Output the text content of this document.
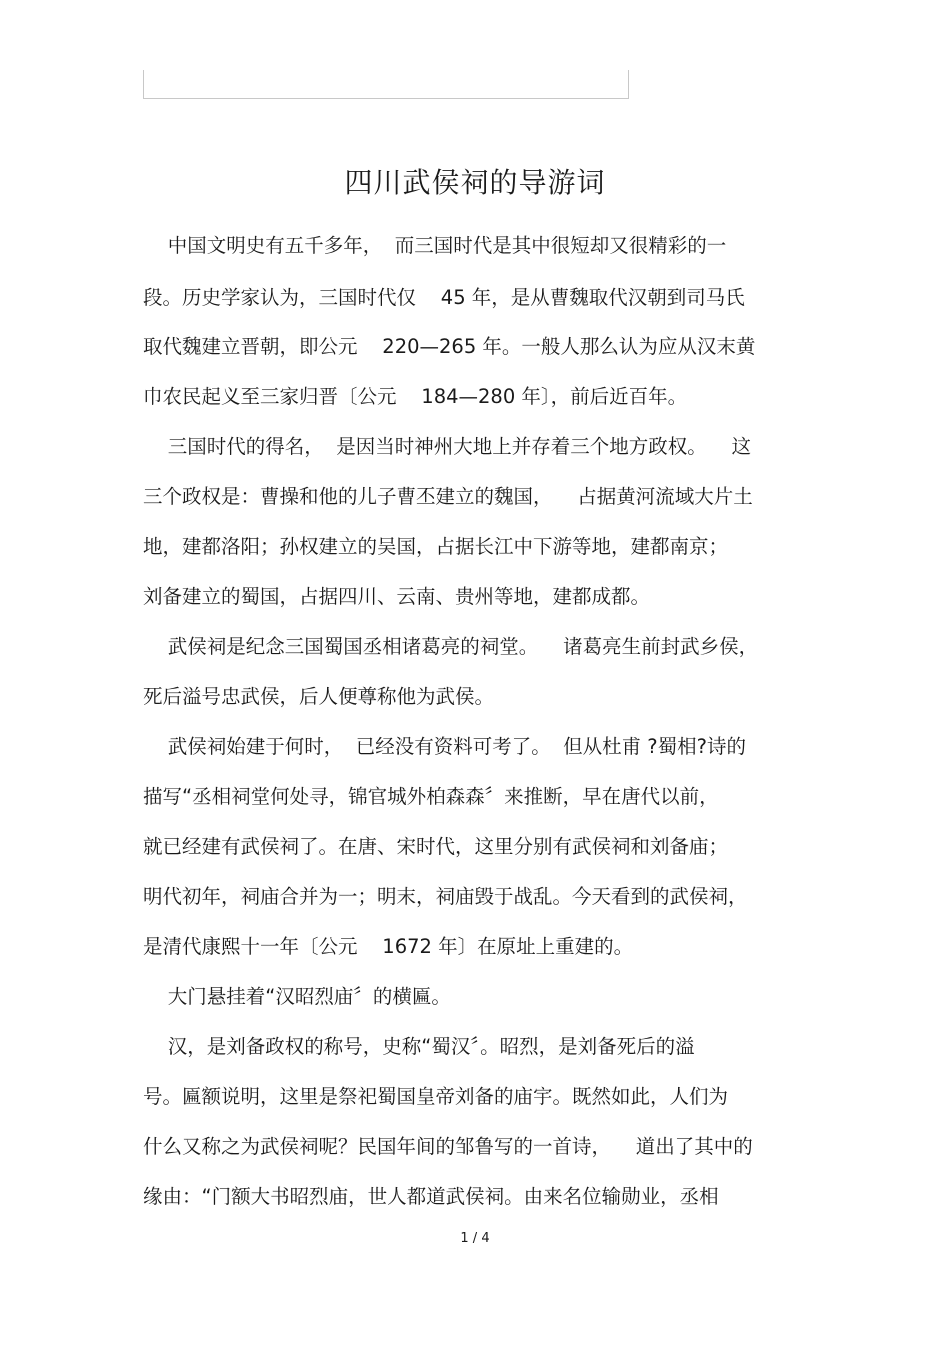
四川武侯祠的导游词

中国文明史有五千多年，  而三国时代是其中很短却又很精彩的一

段。历史学家认为，三国时代仅    45 年，是从曹魏取代汉朝到司马氏

取代魏建立晋朝，即公元    220—265 年。一般人那么认为应从汉末黄

巾农民起义至三家归晋〔公元    184—280 年〕，前后近百年。

三国时代的得名，  是因当时神州大地上并存着三个地方政权。    这

三个政权是：曹操和他的儿子曹丕建立的魏国，    占据黄河流域大片土

地，建都洛阳；孙权建立的吴国，占据长江中下游等地，建都南京；

刘备建立的蜀国，占据四川、云南、贵州等地，建都成都。

武侯祠是纪念三国蜀国丞相诸葛亮的祠堂。    诸葛亮生前封武乡侯，

死后溢号忠武侯，后人便尊称他为武侯。

武侯祠始建于何时，  已经没有资料可考了。  但从杜甫 ?蜀相?诗的

描写“丞相祠堂何处寻，锦官城外柏森森〞来推断，早在唐代以前，

就已经建有武侯祠了。在唐、宋时代，这里分别有武侯祠和刘备庙；

明代初年，祠庙合并为一；明末，祠庙毁于战乱。今天看到的武侯祠，

是清代康熙十一年〔公元    1672 年〕在原址上重建的。

大门悬挂着“汉昭烈庙〞的横匾。

汉，是刘备政权的称号，史称“蜀汉〞。昭烈，是刘备死后的溢

号。匾额说明，这里是祭祀蜀国皇帝刘备的庙宇。既然如此，人们为

什么又称之为武侯祠呢？民国年间的邹鲁写的一首诗，    道出了其中的

缘由：“门额大书昭烈庙，世人都道武侯祠。由来名位输勋业，丞相

1 / 4
